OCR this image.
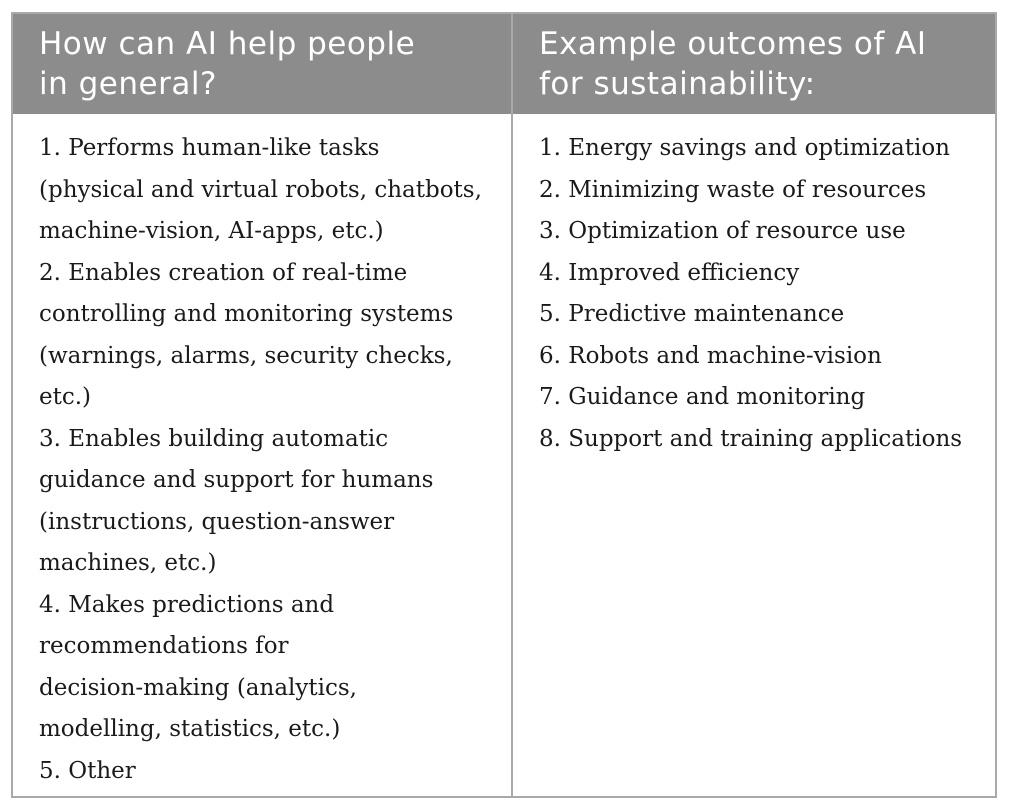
How can AI help people
in general?
Example outcomes of AI
for sustainability:
1. Performs human-like tasks
(physical and virtual robots, chatbots,
machine-vision, AI-apps, etc.)
2. Enables creation of real-time
controlling and monitoring systems
(warnings, alarms, security checks,
etc.)
3. Enables building automatic
guidance and support for humans
(instructions, question-answer
machines, etc.)
4. Makes predictions and
recommendations for
decision-making (analytics,
modelling, statistics, etc.)
5. Other
1. Energy savings and optimization
2. Minimizing waste of resources
3. Optimization of resource use
4. Improved efficiency
5. Predictive maintenance
6. Robots and machine-vision
7. Guidance and monitoring
8. Support and training applications
